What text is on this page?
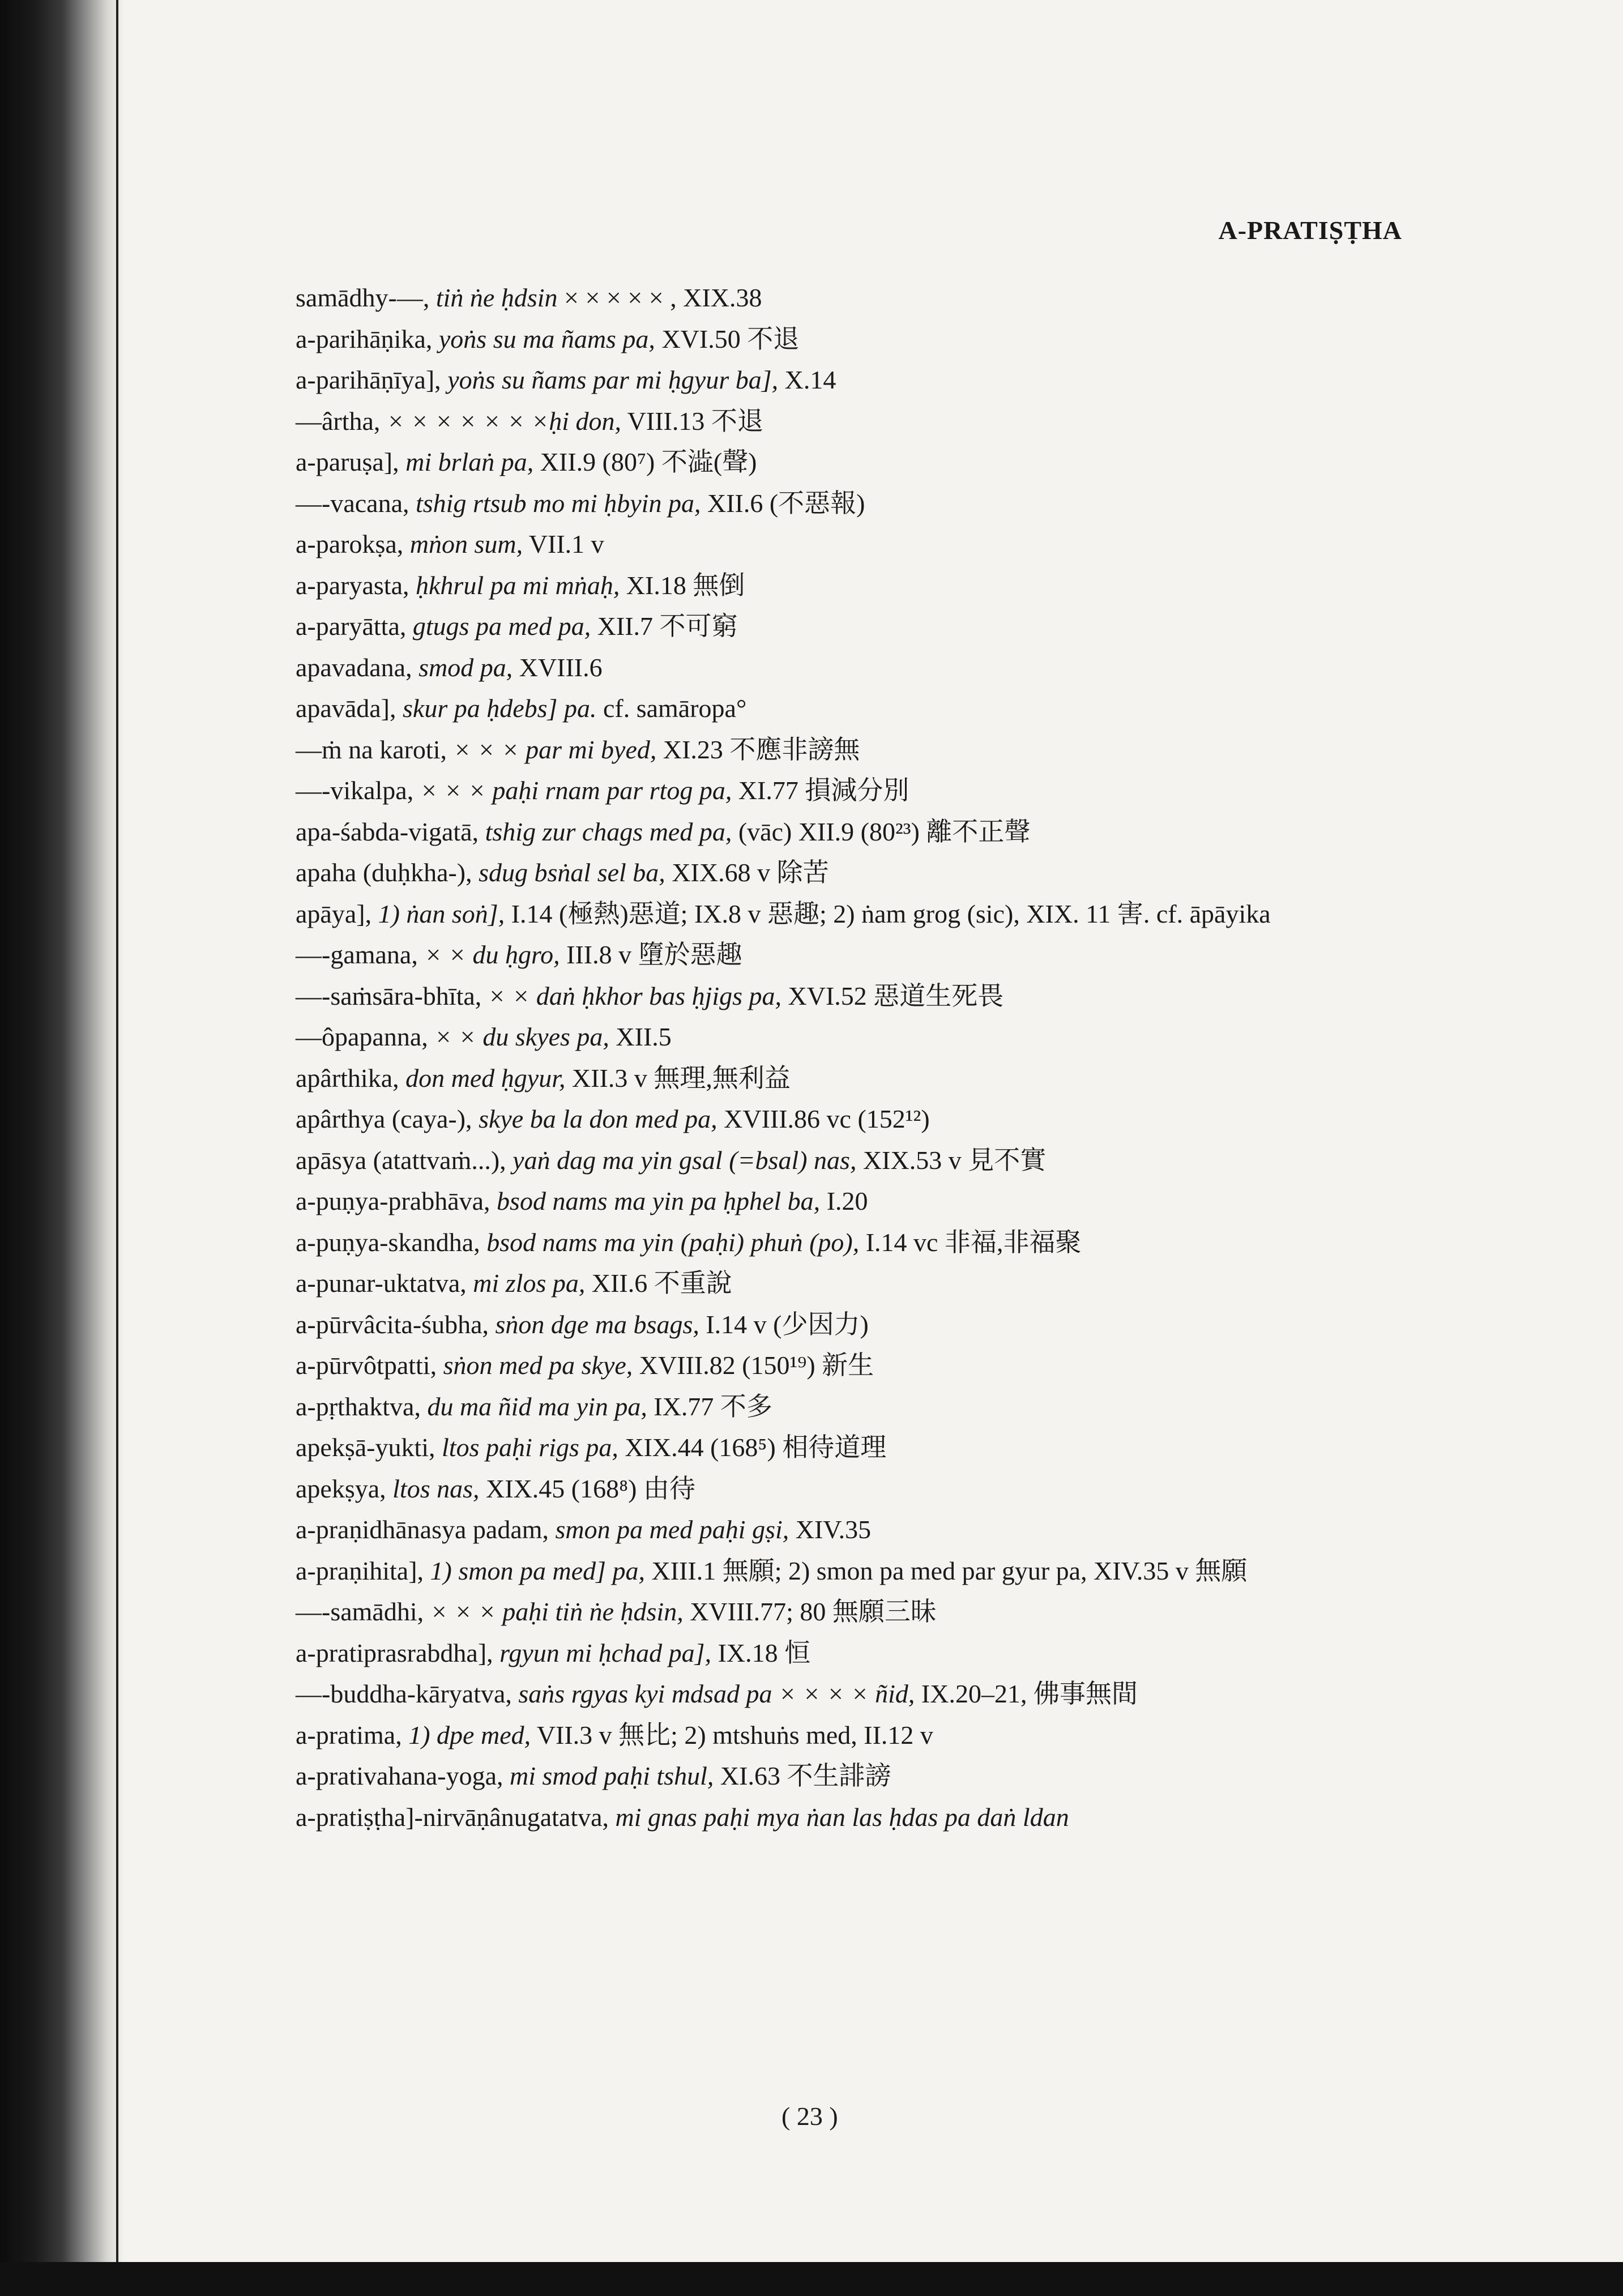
A-PRATIṢṬHA
samādhy-—, tiṅ ṅe ḥdsin × × × × × , XIX.38
a-parihāṇika, yoṅs su ma ñams pa, XVI.50 不退
a-parihāṇīya], yoṅs su ñams par mi ḥgyur ba], X.14
—ârtha, × × × × × × ×ḥi don, VIII.13 不退
a-paruṣa], mi brlaṅ pa, XII.9 (80⁷) 不澁(聲)
—-vacana, tshig rtsub mo mi ḥbyin pa, XII.6 (不惡報)
a-parokṣa, mṅon sum, VII.1 v
a-paryasta, ḥkhrul pa mi mṅaḥ, XI.18 無倒
a-paryātta, gtugs pa med pa, XII.7 不可窮
apavadana, smod pa, XVIII.6
apavāda], skur pa ḥdebs] pa. cf. samāropa°
—ṁ na karoti, × × × par mi byed, XI.23 不應非謗無
—-vikalpa, × × × paḥi rnam par rtog pa, XI.77 損減分別
apa-śabda-vigatā, tshig zur chags med pa, (vāc) XII.9 (80²³) 離不正聲
apaha (duḥkha-), sdug bsṅal sel ba, XIX.68 v 除苦
apāya], 1) ṅan soṅ], I.14 (極熱)惡道; IX.8 v 惡趣; 2) ṅam grog (sic), XIX. 11 害. cf. āpāyika
—-gamana, × × du ḥgro, III.8 v 墮於惡趣
—-saṁsāra-bhīta, × × daṅ ḥkhor bas ḥjigs pa, XVI.52 惡道生死畏
—ôpapanna, × × du skyes pa, XII.5
apârthika, don med ḥgyur, XII.3 v 無理,無利益
apârthya (caya-), skye ba la don med pa, XVIII.86 vc (152¹²)
apāsya (atattvaṁ...), yaṅ dag ma yin gsal (=bsal) nas, XIX.53 v 見不實
a-puṇya-prabhāva, bsod nams ma yin pa ḥphel ba, I.20
a-puṇya-skandha, bsod nams ma yin (paḥi) phuṅ (po), I.14 vc 非福,非福聚
a-punar-uktatva, mi zlos pa, XII.6 不重說
a-pūrvâcita-śubha, sṅon dge ma bsags, I.14 v (少因力)
a-pūrvôtpatti, sṅon med pa skye, XVIII.82 (150¹⁹) 新生
a-pṛthaktva, du ma ñid ma yin pa, IX.77 不多
apekṣā-yukti, ltos paḥi rigs pa, XIX.44 (168⁵) 相待道理
apekṣya, ltos nas, XIX.45 (168⁸) 由待
a-praṇidhānasya padam, smon pa med paḥi gṣi, XIV.35
a-praṇihita], 1) smon pa med] pa, XIII.1 無願; 2) smon pa med par gyur pa, XIV.35 v 無願
—-samādhi, × × × paḥi tiṅ ṅe ḥdsin, XVIII.77; 80 無願三昧
a-pratiprasrabdha], rgyun mi ḥchad pa], IX.18 恒
—-buddha-kāryatva, saṅs rgyas kyi mdsad pa × × × × ñid, IX.20–21, 佛事無間
a-pratima, 1) dpe med, VII.3 v 無比; 2) mtshuṅs med, II.12 v
a-prativahana-yoga, mi smod paḥi tshul, XI.63 不生誹謗
a-pratiṣṭha]-nirvāṇânugatatva, mi gnas paḥi mya ṅan las ḥdas pa daṅ ldan
( 23 )
